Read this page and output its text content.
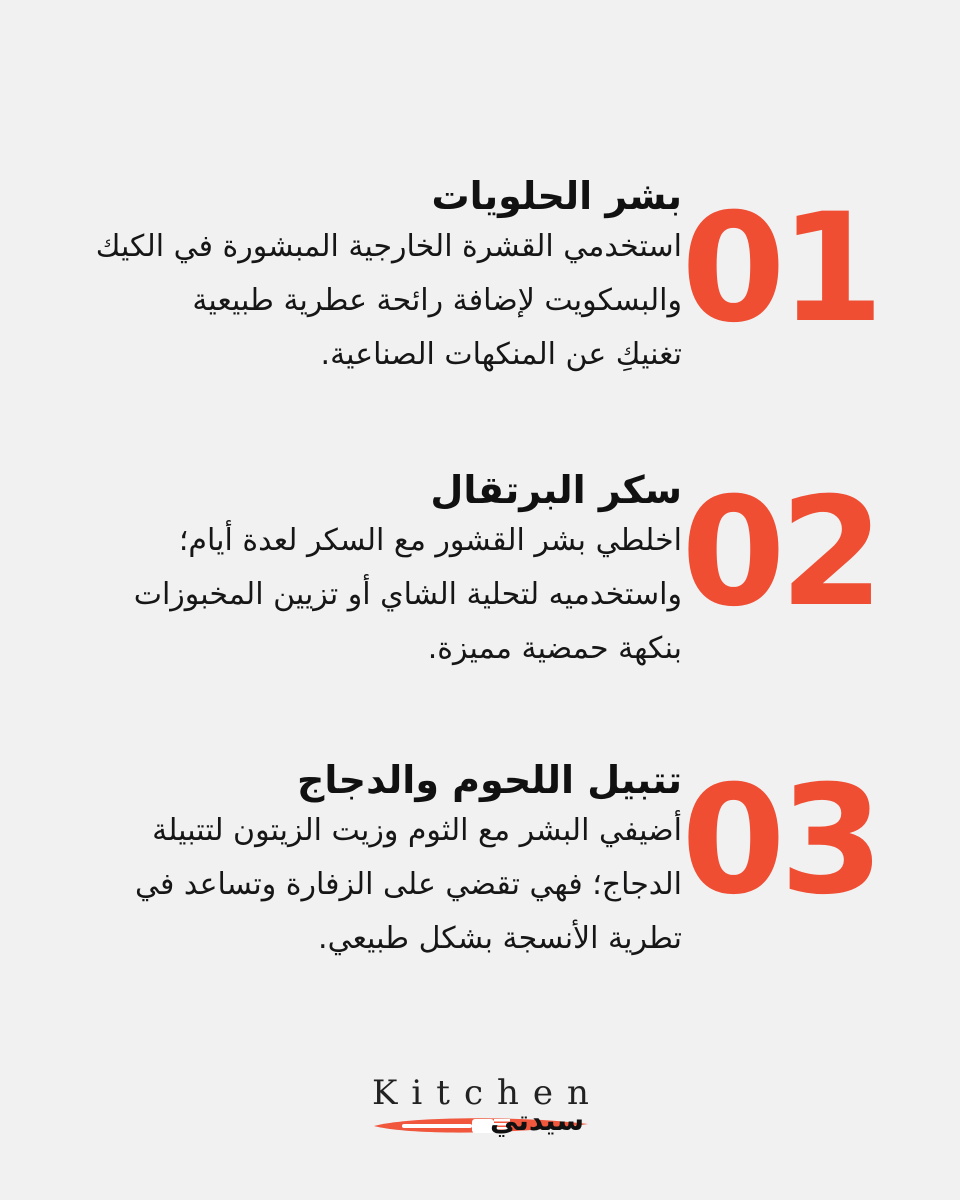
01
بشر الحلويات
استخدمي القشرة الخارجية المبشورة في الكيك
والبسكويت لإضافة رائحة عطرية طبيعية
تغنيكِ عن المنكهات الصناعية.
02
سكر البرتقال
اخلطي بشر القشور مع السكر لعدة أيام؛
واستخدميه لتحلية الشاي أو تزيين المخبوزات
بنكهة حمضية مميزة.
03
تتبيل اللحوم والدجاج
أضيفي البشر مع الثوم وزيت الزيتون لتتبيلة
الدجاج؛ فهي تقضي على الزفارة وتساعد في
تطرية الأنسجة بشكل طبيعي.
Kitchen
سيدتي
